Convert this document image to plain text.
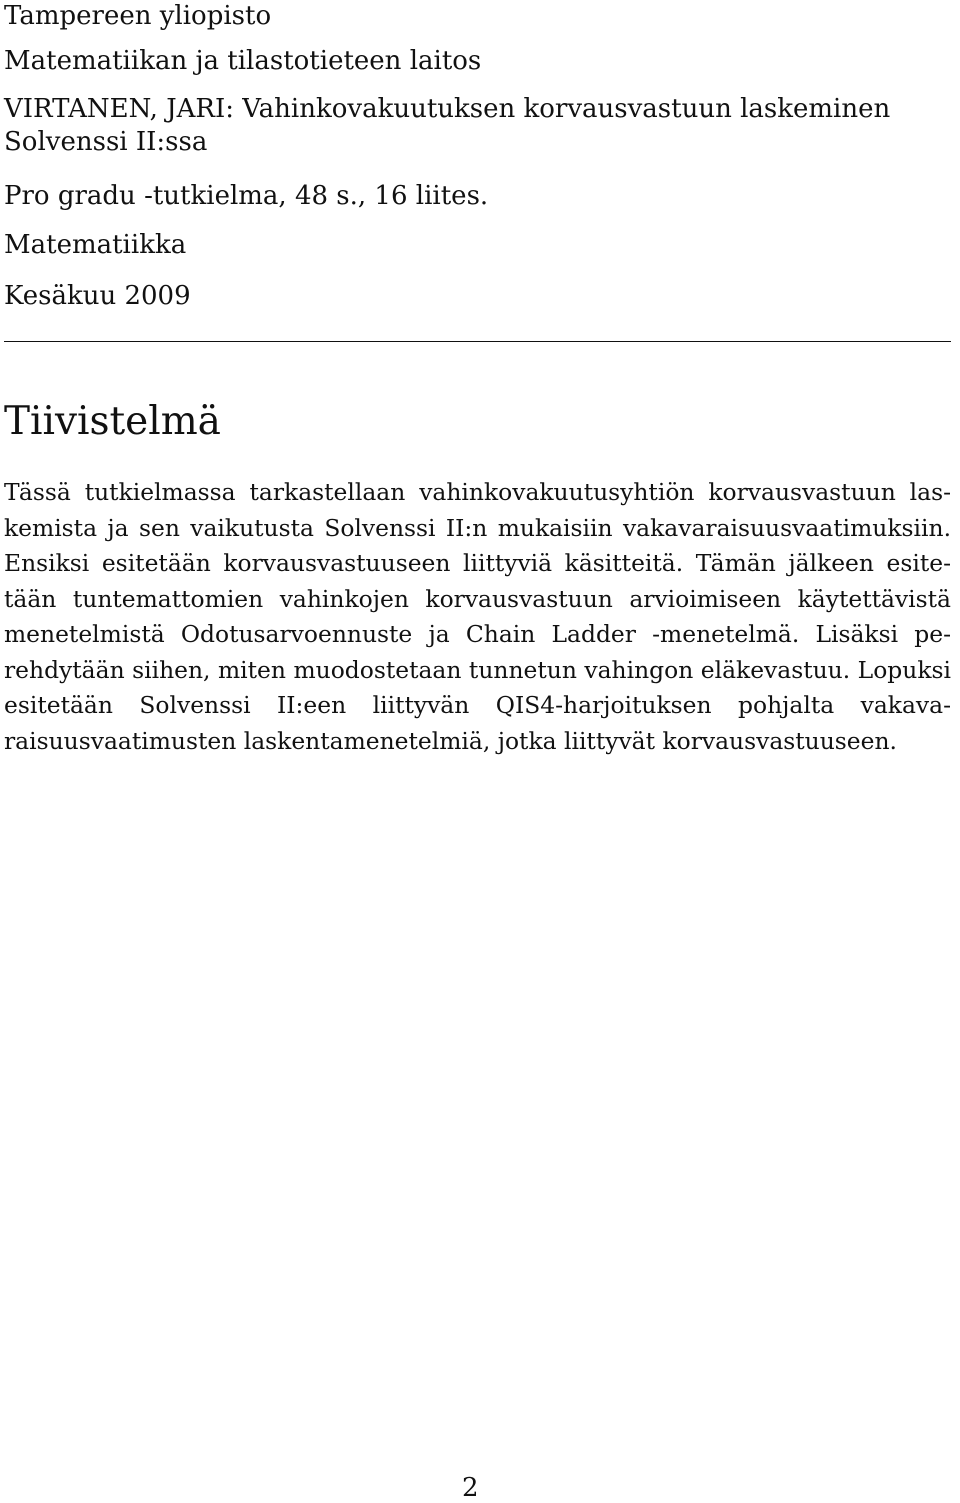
Tampereen yliopisto
Matematiikan ja tilastotieteen laitos
VIRTANEN, JARI: Vahinkovakuutuksen korvausvastuun laskeminen Solvenssi II:ssa
Pro gradu -tutkielma, 48 s., 16 liites.
Matematiikka
Kesäkuu 2009
Tiivistelmä

Tässä tutkielmassa tarkastellaan vahinkovakuutusyhtiön korvausvastuun laskemista ja sen vaikutusta Solvenssi II:n mukaisiin vakavaraisuusvaatimuksiin. Ensiksi esitetään korvausvastuuseen liittyviä käsitteitä. Tämän jälkeen esitetään tuntemattomien vahinkojen korvausvastuun arvioimiseen käytettävistä menetelmistä Odotusarvoennuste ja Chain Ladder -menetelmä. Lisäksi perehdytään siihen, miten muodostetaan tunnetun vahingon eläkevastuu. Lopuksi esitetään Solvenssi II:een liittyvän QIS4-harjoituksen pohjalta vakavaraisuusvaatimusten laskentamenetelmiä, jotka liittyvät korvausvastuuseen.

2
